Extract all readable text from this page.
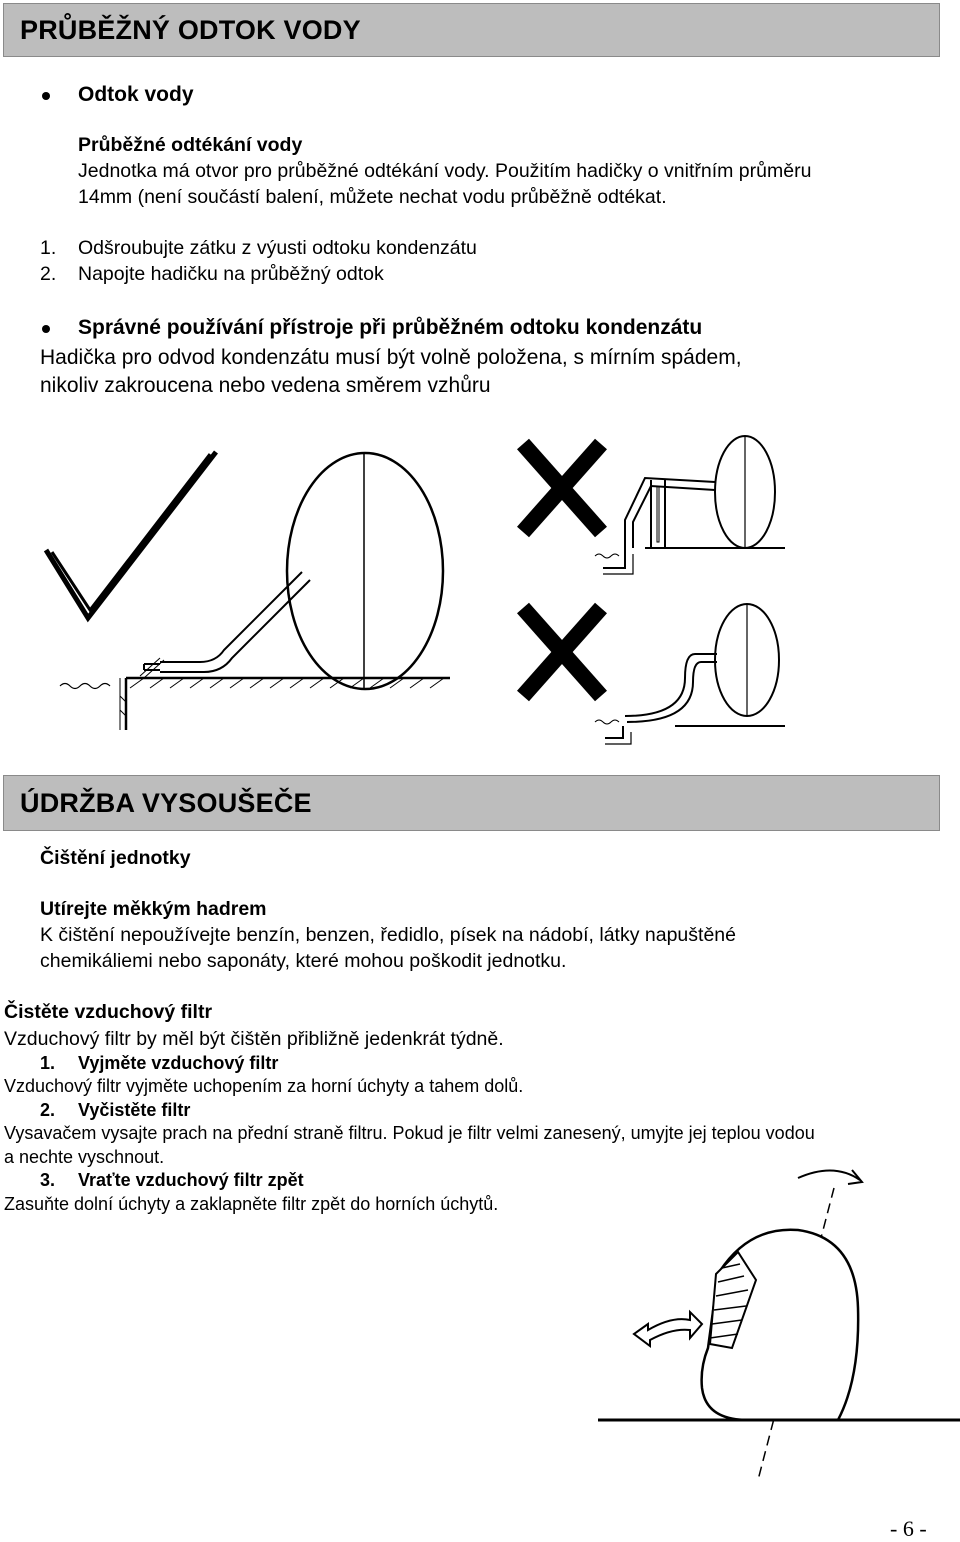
PRŮBĚŽNÝ ODTOK VODY
Odtok vody
Průběžné odtékání vody
Jednotka má otvor pro průběžné odtékání vody. Použitím hadičky o vnitřním průměru
14mm (není součástí balení, můžete nechat vodu průběžně odtékat.
1. Odšroubujte zátku z výusti odtoku kondenzátu
2. Napojte hadičku na průběžný odtok
Správné používání přístroje při průběžném odtoku kondenzátu
Hadička pro odvod kondenzátu musí být volně položena, s mírním spádem,
nikoliv zakroucena nebo vedena směrem vzhůru
ÚDRŽBA VYSOUŠEČE
Čištění jednotky
Utírejte měkkým hadrem
K čištění nepoužívejte benzín, benzen, ředidlo, písek na nádobí, látky napuštěné
chemikáliemi nebo saponáty, které mohou poškodit jednotku.
Čistěte vzduchový filtr
Vzduchový filtr by měl být čištěn přibližně jedenkrát týdně.
1. Vyjměte vzduchový filtr
Vzduchový filtr vyjměte uchopením za horní úchyty a tahem dolů.
2. Vyčistěte filtr
Vysavačem vysajte prach na přední straně filtru. Pokud je filtr velmi zanesený, umyjte jej teplou vodou
a nechte vyschnout.
3. Vraťte vzduchový filtr zpět
Zasuňte dolní úchyty a zaklapněte filtr zpět do horních úchytů.
- 6 -
